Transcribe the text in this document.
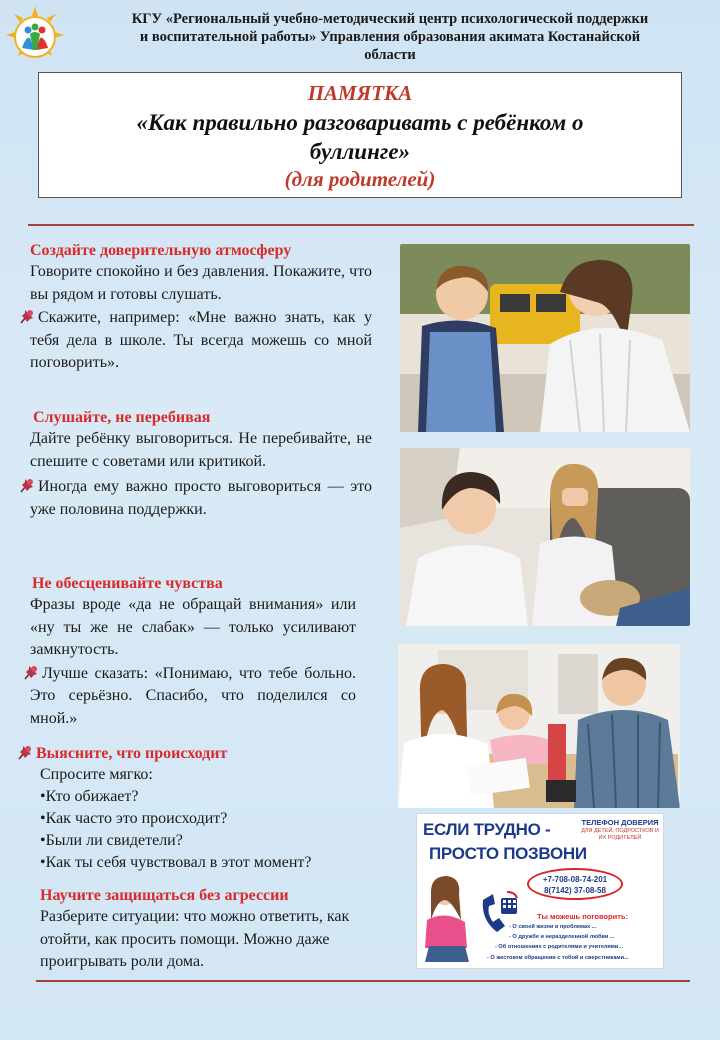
КГУ «Региональный учебно-методический центр психологической поддержки
и воспитательной работы» Управления образования акимата Костанайской
области
ПАМЯТКА
«Как правильно разговаривать с ребёнком о буллинге»
(для родителей)
Создайте доверительную атмосферу
Говорите спокойно и без давления. Покажите, что вы рядом и готовы слушать.
Скажите, например: «Мне важно знать, как у тебя дела в школе. Ты всегда можешь со мной поговорить».
Слушайте, не перебивая
Дайте ребёнку выговориться. Не перебивайте, не спешите с советами или критикой.
Иногда ему важно просто выговориться — это уже половина поддержки.
Не обесценивайте чувства
Фразы вроде «да не обращай внимания» или «ну ты же не слабак» — только усиливают замкнутость.
Лучше сказать: «Понимаю, что тебе больно. Это серьёзно. Спасибо, что поделился со мной.»
Выясните, что происходит
Спросите мягко:
•Кто обижает?
•Как часто это происходит?
•Были ли свидетели?
•Как ты себя чувствовал в этот момент?
Научите защищаться без агрессии
Разберите ситуации: что можно ответить, как отойти, как просить помощи. Можно даже проигрывать роли дома.
ЕСЛИ ТРУДНО -
ПРОСТО ПОЗВОНИ
ТЕЛЕФОН ДОВЕРИЯ
ДЛЯ ДЕТЕЙ, ПОДРОСТКОВ И ИХ РОДИТЕЛЕЙ
+7-708-08-74-201
8(7142) 37-08-58
Ты можешь поговорить:
- О своей жизни и проблемах ...
- О дружбе и неразделенной любви ...
- Об отношениях с родителями и учителями...
- О жестоком обращении с тобой и сверстниками...
